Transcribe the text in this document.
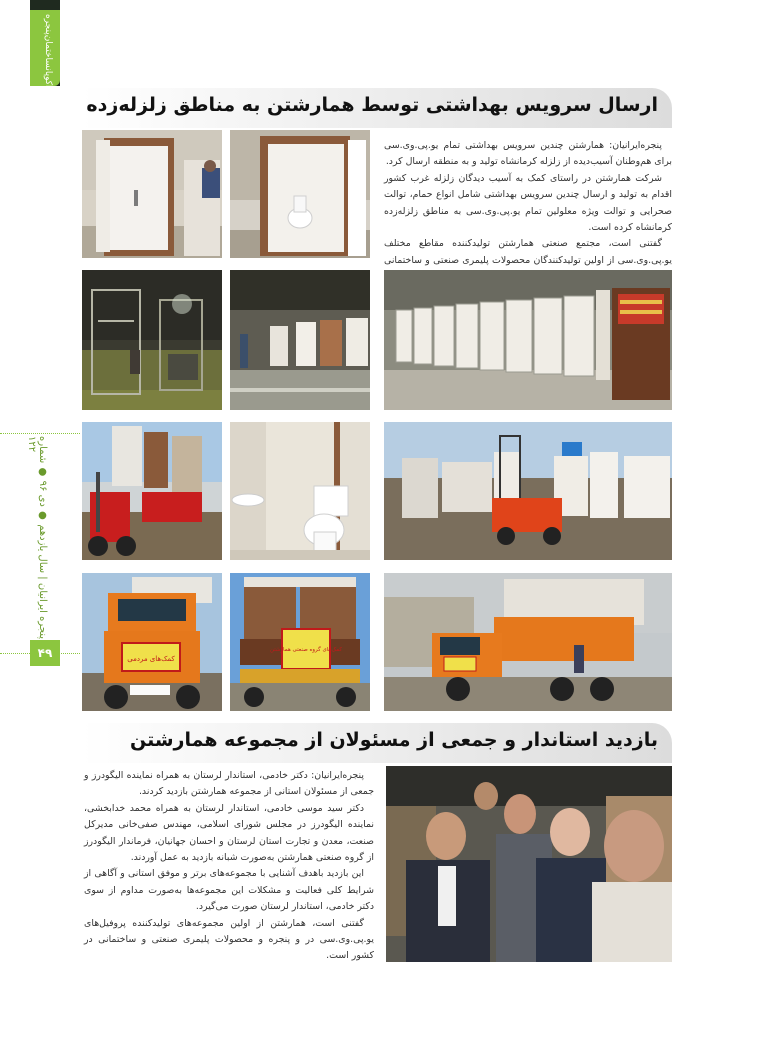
اکوپانساختمان‌پنجره
پنجره ایرانیان | سال یازدهم ● دی ۹۶ ● شماره ۱۲۲
۴۹
ارسال سرویس بهداشتی توسط همارشتن به مناطق زلزله‌زده

پنجره‌ایرانیان: همارشتن چندین سرویس بهداشتی تمام یو.پی.وی.سی برای هم‌وطنان آسیب‌دیده از زلزله کرمانشاه تولید و به منطقه ارسال کرد.

شرکت همارشتن در راستای کمک به آسیب دیدگان زلزله غرب کشور اقدام به تولید و ارسال چندین سرویس بهداشتی شامل انواع حمام، توالت صحرایی و توالت ویژه معلولین تمام یو.پی.وی.سی به مناطق زلزله‌زده کرمانشاه کرده است.

گفتنی است، مجتمع صنعتی همارشتن تولیدکننده مقاطع مختلف یو.پی.وی.سی از اولین تولیدکنندگان محصولات پلیمری صنعتی و ساختمانی

کمک‌های مردمی
کمک‌های گروه صنعتی همارشتن
بازدید استاندار و جمعی از مسئولان از مجموعه همارشتن

پنجره‌ایرانیان: دکتر خادمی، استاندار لرستان به همراه نماینده الیگودرز و جمعی از مسئولان استانی از مجموعه همارشتن بازدید کردند.

دکتر سید موسی خادمی، استاندار لرستان به همراه محمد خدابخشی، نماینده الیگودرز در مجلس شورای اسلامی، مهندس صفی‌خانی مدیرکل صنعت، معدن و تجارت استان لرستان و احسان جهانیان، فرماندار الیگودرز از گروه صنعتی همارشتن به‌صورت شبانه بازدید به عمل آوردند.

این بازدید باهدف آشنایی با مجموعه‌های برتر و موفق استانی و آگاهی از شرایط کلی فعالیت و مشکلات این مجموعه‌ها به‌صورت مداوم از سوی دکتر خادمی، استاندار لرستان صورت می‌گیرد.

گفتنی است، همارشتن از اولین مجموعه‌های تولیدکننده پروفیل‌های یو.پی.وی.سی در و پنجره و محصولات پلیمری صنعتی و ساختمانی در کشور است.
